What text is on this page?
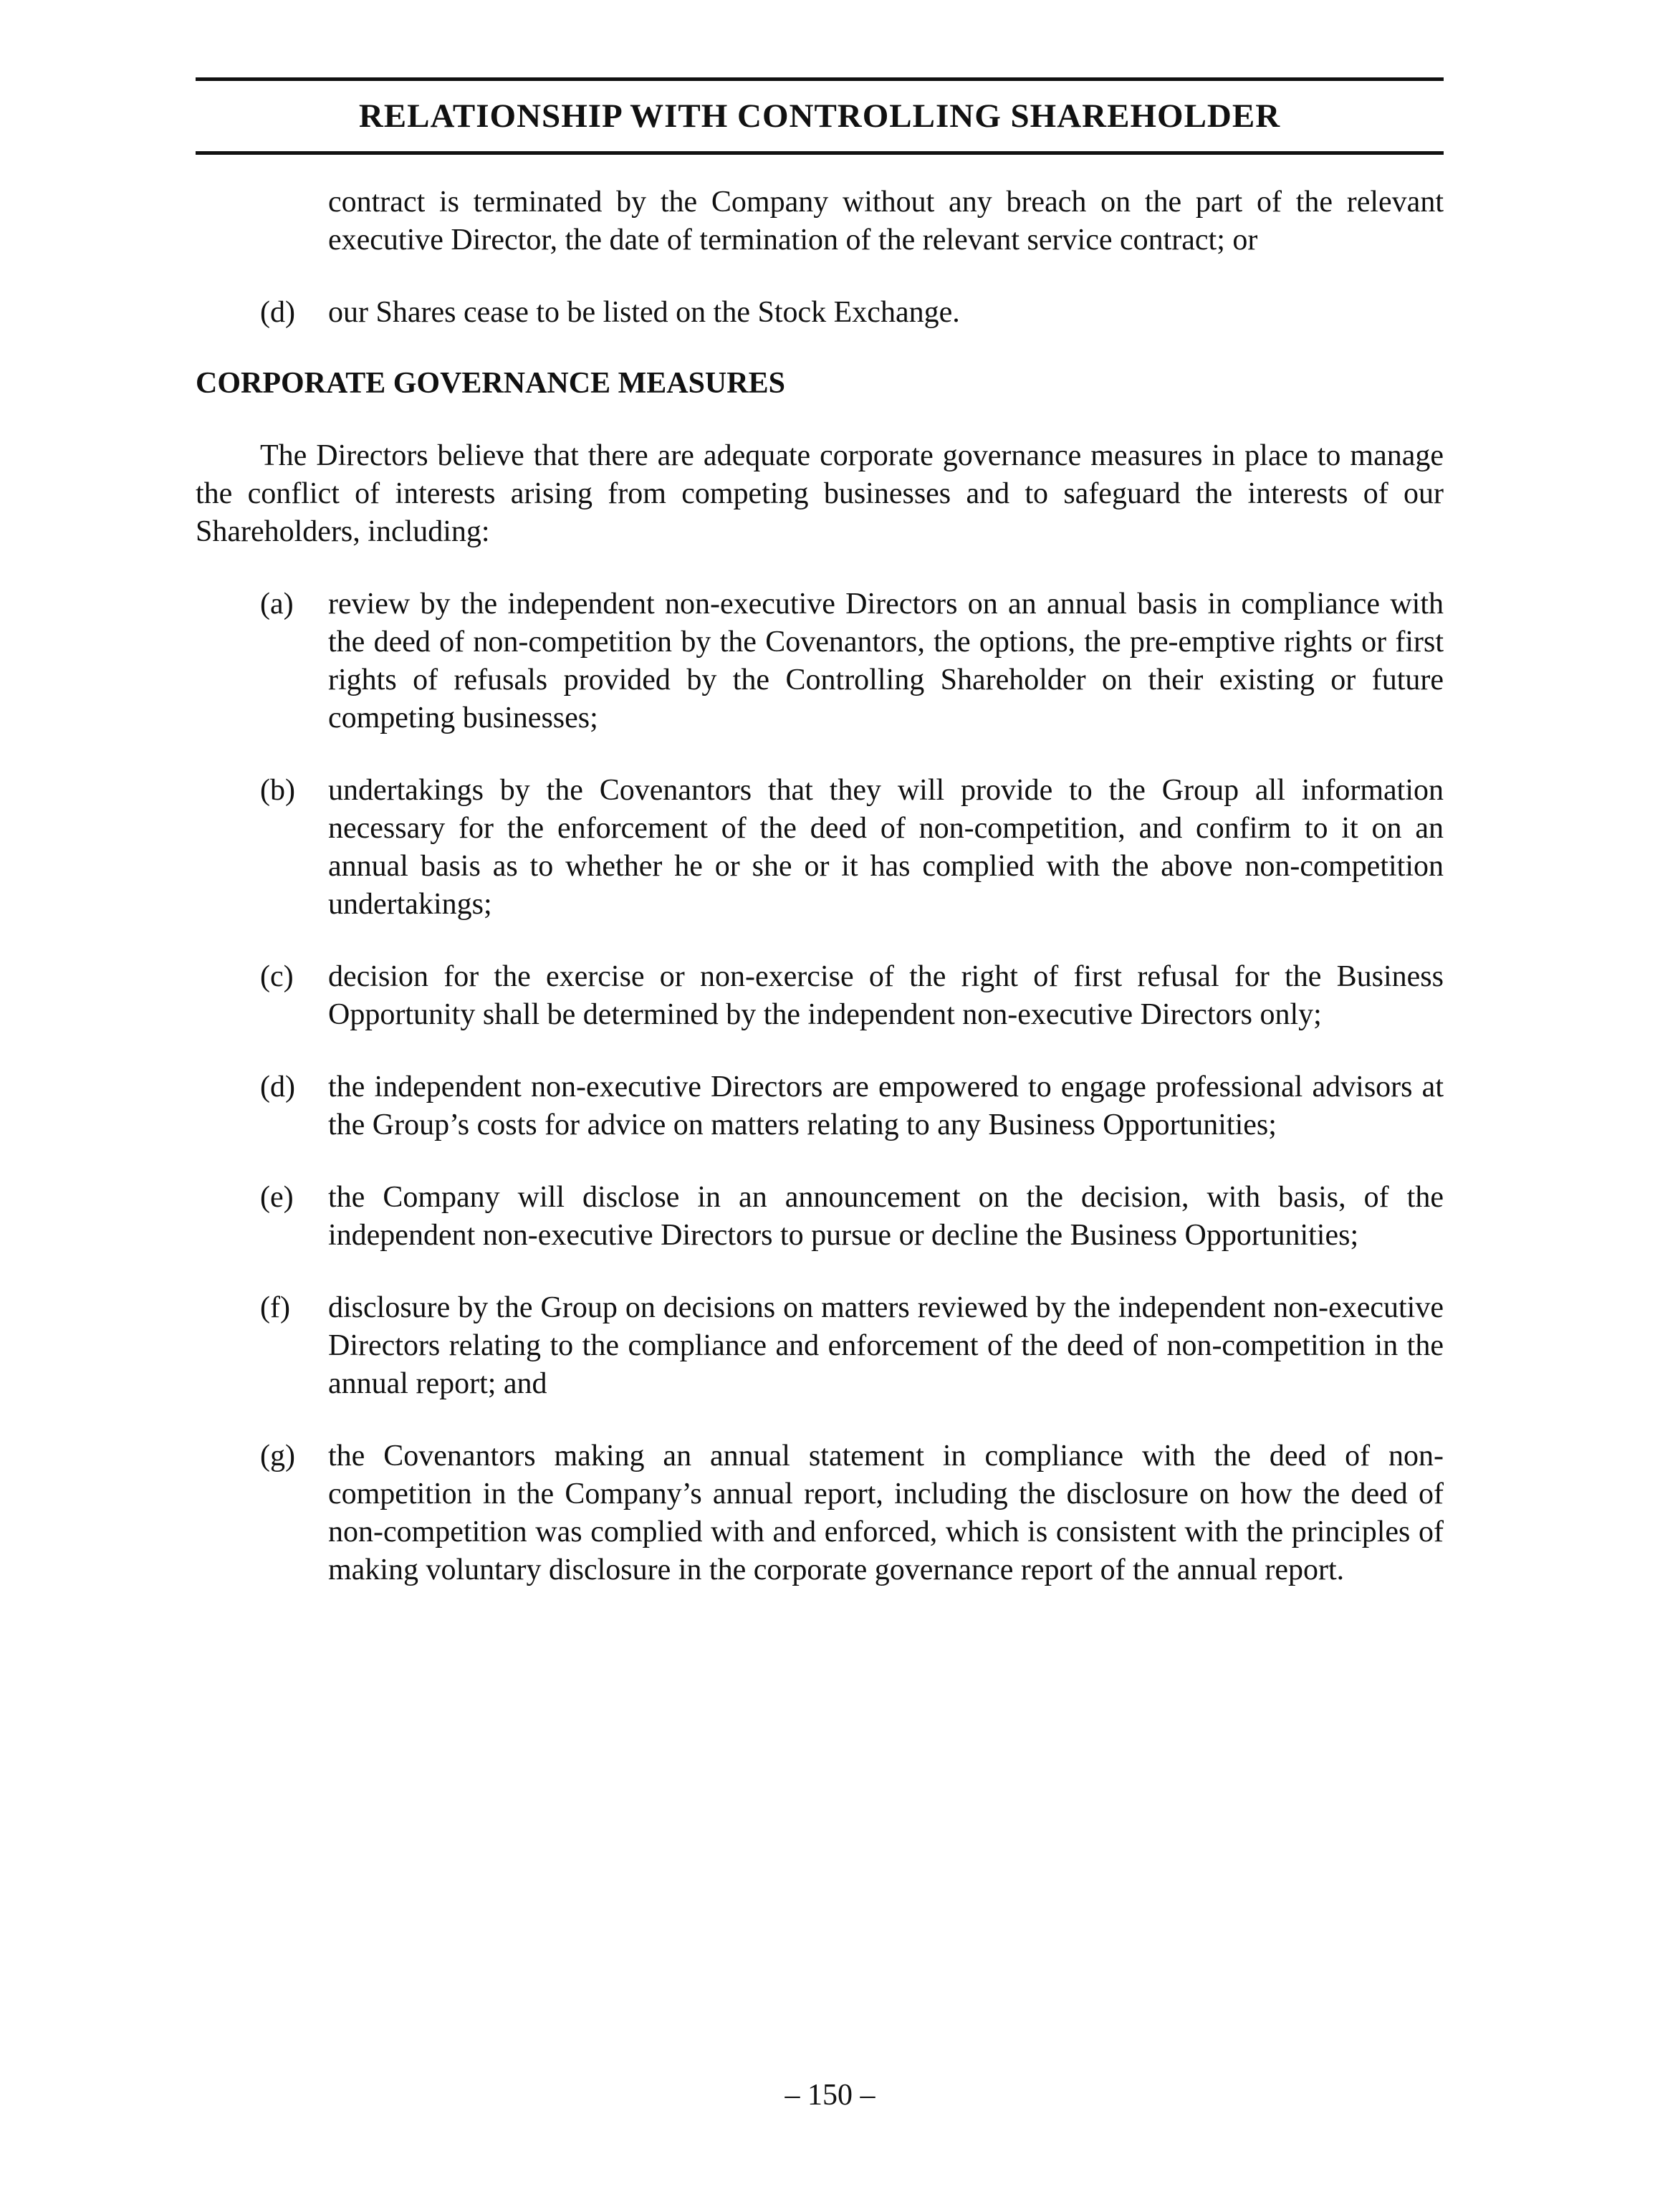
RELATIONSHIP WITH CONTROLLING SHAREHOLDER
contract is terminated by the Company without any breach on the part of the relevant executive Director, the date of termination of the relevant service contract; or
(d) our Shares cease to be listed on the Stock Exchange.
CORPORATE GOVERNANCE MEASURES
The Directors believe that there are adequate corporate governance measures in place to manage the conflict of interests arising from competing businesses and to safeguard the interests of our Shareholders, including:
(a) review by the independent non-executive Directors on an annual basis in compliance with the deed of non-competition by the Covenantors, the options, the pre-emptive rights or first rights of refusals provided by the Controlling Shareholder on their existing or future competing businesses;
(b) undertakings by the Covenantors that they will provide to the Group all information necessary for the enforcement of the deed of non-competition, and confirm to it on an annual basis as to whether he or she or it has complied with the above non-competition undertakings;
(c) decision for the exercise or non-exercise of the right of first refusal for the Business Opportunity shall be determined by the independent non-executive Directors only;
(d) the independent non-executive Directors are empowered to engage professional advisors at the Group’s costs for advice on matters relating to any Business Opportunities;
(e) the Company will disclose in an announcement on the decision, with basis, of the independent non-executive Directors to pursue or decline the Business Opportunities;
(f) disclosure by the Group on decisions on matters reviewed by the independent non-executive Directors relating to the compliance and enforcement of the deed of non-competition in the annual report; and
(g) the Covenantors making an annual statement in compliance with the deed of non-competition in the Company’s annual report, including the disclosure on how the deed of non-competition was complied with and enforced, which is consistent with the principles of making voluntary disclosure in the corporate governance report of the annual report.
– 150 –
